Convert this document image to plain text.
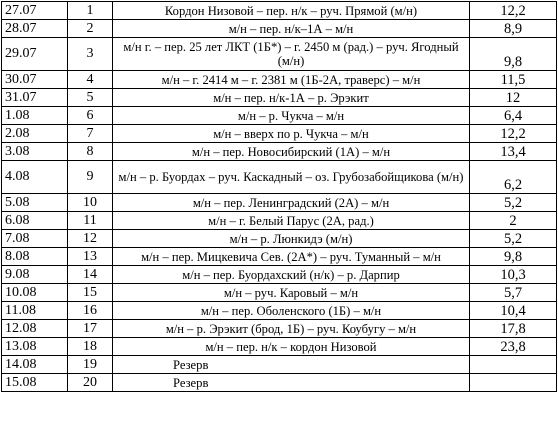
27.07	1	Кордон Низовой – пер. н/к – руч. Прямой (м/н)	12,2
28.07	2	м/н – пер. н/к–1А – м/н	8,9
29.07	3	м/н г. – пер. 25 лет ЛКТ (1Б*) – г. 2450 м (рад.) – руч. Ягодный (м/н)	9,8
30.07	4	м/н – г. 2414 м – г. 2381 м (1Б-2А, траверс) – м/н	11,5
31.07	5	м/н – пер. н/к-1А – р. Эрэкит	12
1.08	6	м/н – р. Чукча – м/н	6,4
2.08	7	м/н – вверх по р. Чукча – м/н	12,2
3.08	8	м/н – пер. Новосибирский (1А) – м/н	13,4
4.08	9	м/н – р. Буордах – руч. Каскадный – оз. Грубозабойщикова (м/н)	6,2
5.08	10	м/н – пер. Ленинградский (2А) – м/н	5,2
6.08	11	м/н – г. Белый Парус (2А, рад.)	2
7.08	12	м/н – р. Люнкидэ (м/н)	5,2
8.08	13	м/н – пер. Мицкевича Сев. (2А*) – руч. Туманный – м/н	9,8
9.08	14	м/н – пер. Буордахский (н/к) – р. Дарпир	10,3
10.08	15	м/н – руч. Каровый – м/н	5,7
11.08	16	м/н – пер. Оболенского (1Б) – м/н	10,4
12.08	17	м/н – р. Эрэкит (брод, 1Б) – руч. Коубугу – м/н	17,8
13.08	18	м/н – пер. н/к – кордон Низовой	23,8
14.08	19	Резерв	
15.08	20	Резерв	
